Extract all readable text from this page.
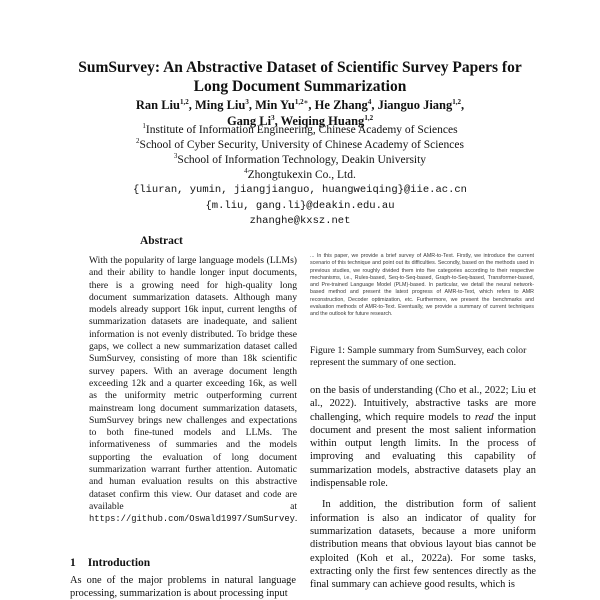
SumSurvey: An Abstractive Dataset of Scientific Survey Papers for Long Document Summarization
Ran Liu$^{1,2}$, Ming Liu$^3$, Min $Yu^{1,2∗}$, He Zhang$^4$, Jianguo Jiang$^{1,2}$,
Gang Li$^3$, Weiqing Huang$^{1,2}$
$^1$Institute of Information Engineering, Chinese Academy of Sciences
$^2$School of Cyber Security, University of Chinese Academy of Sciences
$^3$School of Information Technology, Deakin University
$^4$Zhongtukexin Co., Ltd.
{liuran, yumin, jiangjianguo, huangweiqing}@iie.ac.cn
{m.liu, gang.li}@deakin.edu.au
zhanghe@kxsz.net
Abstract
With the popularity of large language models (LLMs) and their ability to handle longer input documents, there is a growing need for high-quality long document summarization datasets. Although many models already support 16k input, current lengths of summarization datasets are inadequate, and salient information is not evenly distributed. To bridge these gaps, we collect a new summarization dataset called SumSurvey, consisting of more than 18k scientific survey papers. With an average document length exceeding 12k and a quarter exceeding 16k, as well as the uniformity metric outperforming current mainstream long document summarization datasets, SumSurvey brings new challenges and expectations to both fine-tuned models and LLMs. The informativeness of summaries and the models supporting the evaluation of long document summarization warrant further attention. Automatic and human evaluation results on this abstractive dataset confirm this view. Our dataset and code are available at https://github.com/Oswald1997/SumSurvey.
... In this paper, we provide a brief survey of AMR-to-Text. Firstly, we introduce the current scenario of this technique and point out its difficulties. Secondly, based on the methods used in previous studies, we roughly divided them into five categories according to their respective mechanisms, i.e., Rules-based, Seq-to-Seq-based, Graph-to-Seq-based, Transformer-based, and Pre-trained Language Model (PLM)-based. In particular, we detail the neural network-based method and present the latest progress of AMR-to-Text, which refers to AMR reconstruction, Decoder optimization, etc. Furthermore, we present the benchmarks and evaluation methods of AMR-to-Text. Eventually, we provide a summary of current techniques and the outlook for future research.
Figure 1: Sample summary from SumSurvey, each color represent the summary of one section.

on the basis of understanding (Cho et al., 2022; Liu et al., 2022). Intuitively, abstractive tasks are more challenging, which require models to read the input document and present the most salient information within output length limits. In the process of improving and evaluating this capability of summarization models, abstractive datasets play an indispensable role.

In addition, the distribution form of salient information is also an indicator of quality for summarization datasets, because a more uniform distribution means that obvious layout bias cannot be exploited (Koh et al., 2022a). For some tasks, extracting only the first few sentences directly as the final summary can achieve good results, which is

1 Introduction
As one of the major problems in natural language processing, summarization is about processing input
